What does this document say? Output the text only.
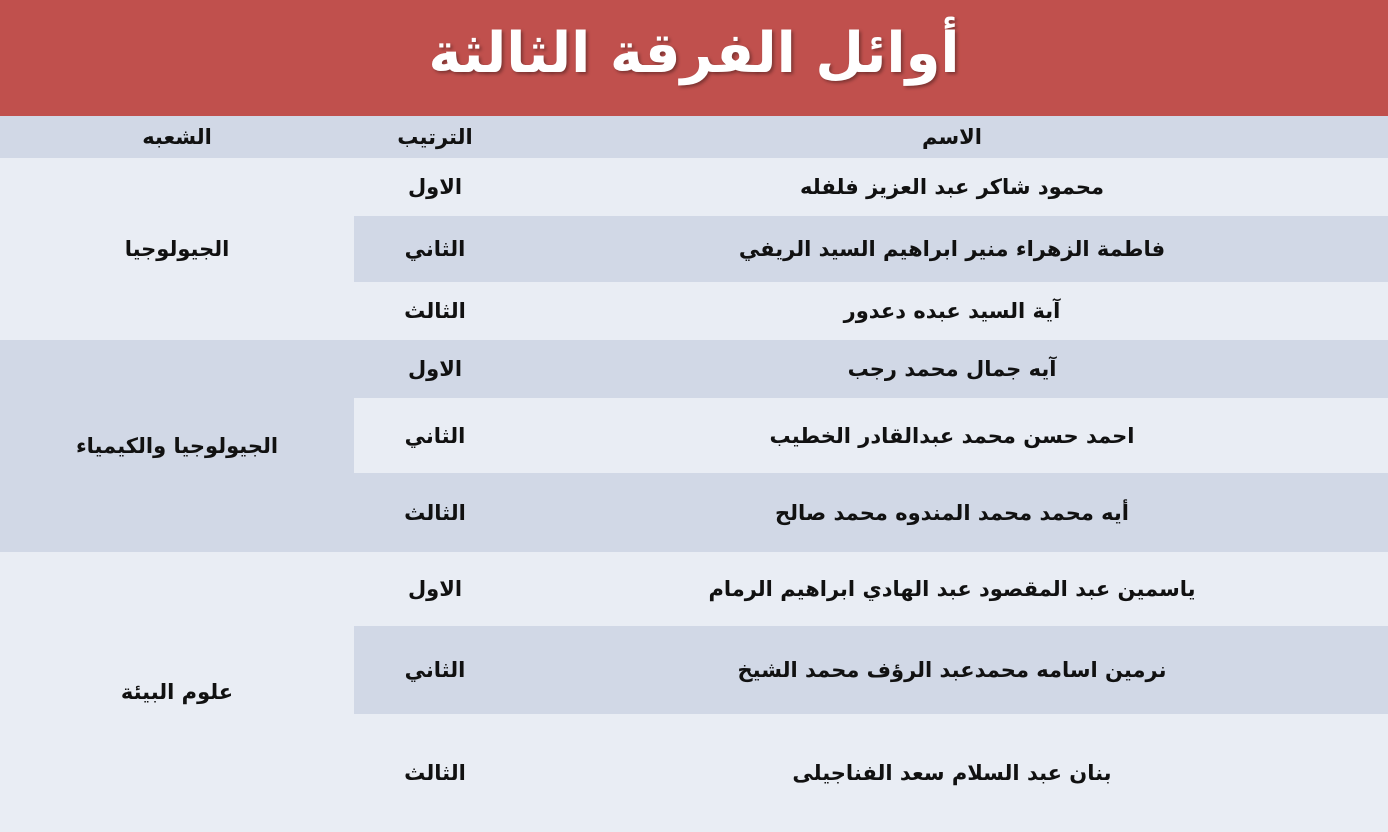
أوائل الفرقة الثالثة
الاسم	الترتيب	الشعبه
محمود شاكر عبد العزيز فلفله	الاول	الجيولوجيا
فاطمة الزهراء منير ابراهيم السيد الريفي	الثاني	
آية السيد عبده دعدور	الثالث	
آيه جمال محمد رجب	الاول	الجيولوجيا والكيمياء
احمد حسن محمد عبدالقادر الخطيب	الثاني	
أيه محمد محمد المندوه محمد صالح	الثالث	
ياسمين عبد المقصود عبد الهادي ابراهيم الرمام	الاول	علوم البيئة
نرمين اسامه محمدعبد الرؤف محمد الشيخ	الثاني	
بنان عبد السلام سعد الفناجيلى	الثالث	
